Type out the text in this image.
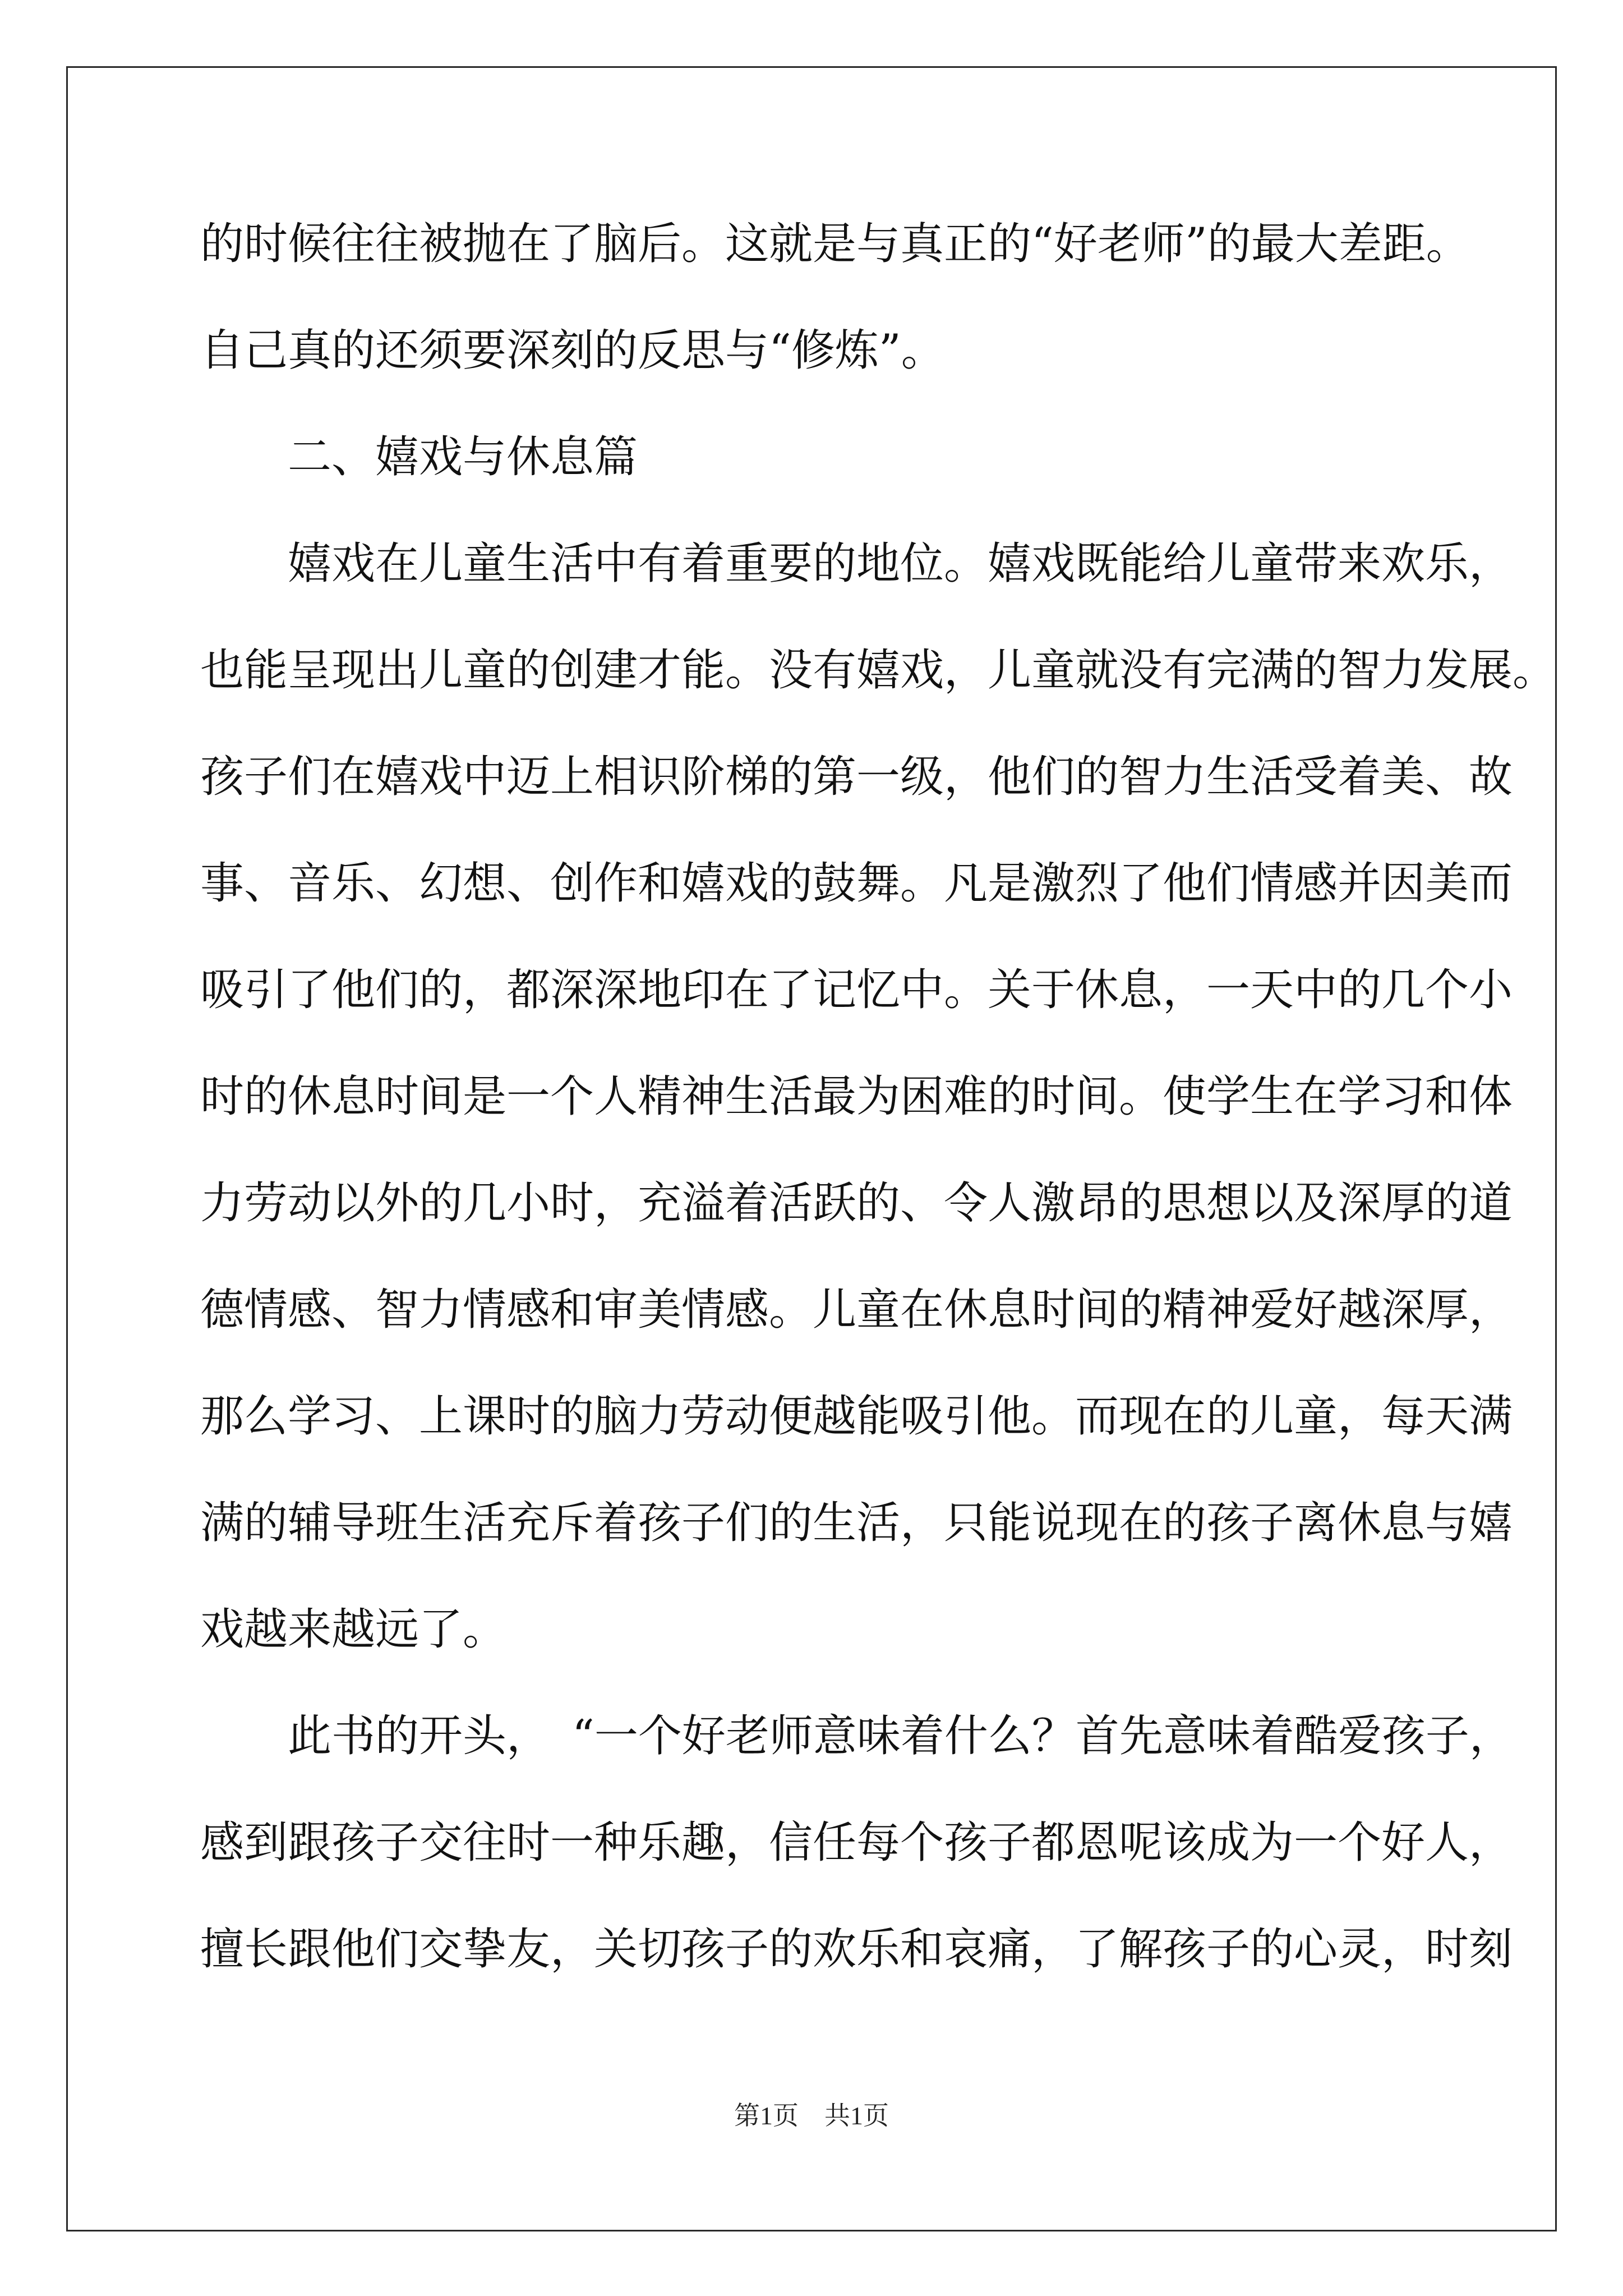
的时候往往被抛在了脑后。这就是与真正的“好老师”的最大差距。
自己真的还须要深刻的反思与“修炼”。
　　二、嬉戏与休息篇
　　嬉戏在儿童生活中有着重要的地位。嬉戏既能给儿童带来欢乐，
也能呈现出儿童的创建才能。没有嬉戏，儿童就没有完满的智力发展。
孩子们在嬉戏中迈上相识阶梯的第一级，他们的智力生活受着美、故
事、音乐、幻想、创作和嬉戏的鼓舞。凡是激烈了他们情感并因美而
吸引了他们的，都深深地印在了记忆中。关于休息，一天中的几个小
时的休息时间是一个人精神生活最为困难的时间。使学生在学习和体
力劳动以外的几小时，充溢着活跃的、令人激昂的思想以及深厚的道
德情感、智力情感和审美情感。儿童在休息时间的精神爱好越深厚，
那么学习、上课时的脑力劳动便越能吸引他。而现在的儿童，每天满
满的辅导班生活充斥着孩子们的生活，只能说现在的孩子离休息与嬉
戏越来越远了。
　　此书的开头，　“一个好老师意味着什么？首先意味着酷爱孩子，
感到跟孩子交往时一种乐趣，信任每个孩子都恩呢该成为一个好人，
擅长跟他们交挚友，关切孩子的欢乐和哀痛，了解孩子的心灵，时刻
第1页　共1页
